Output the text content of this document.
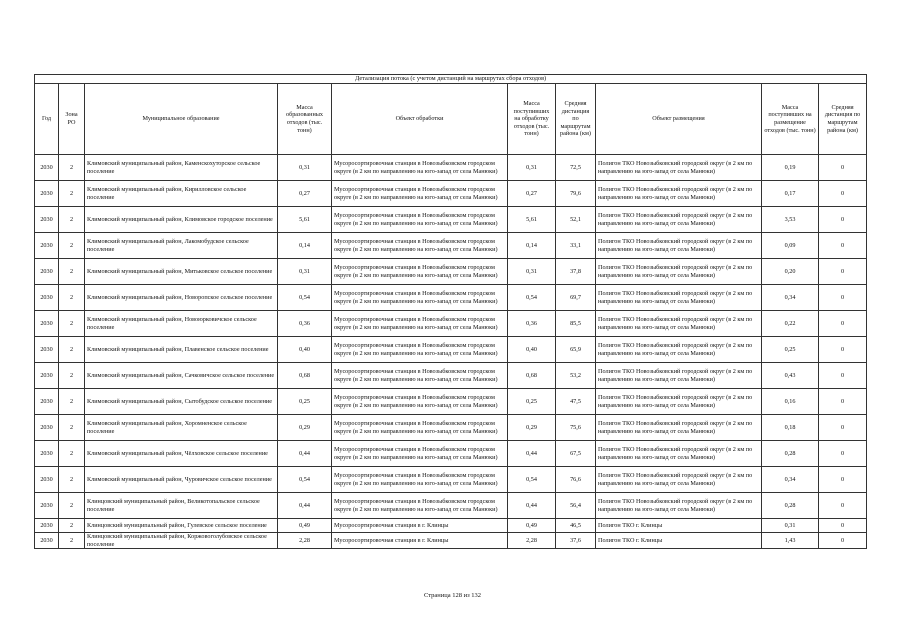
Детализация потока (с учетом дистанций на маршрутах сбора отходов)									
Год	Зона РО	Муниципальное образование	Масса образованных отходов (тыс. тонн)	Объект обработки	Масса поступивших на обработку отходов (тыс. тонн)	Средняя дистанция по маршрутам района (км)	Объект размещения	Масса поступивших на размещение отходов (тыс. тонн)	Средняя дистанция по маршрутам района (км)
2030	2	Климовский муниципальный район, Каменскохуторское сельское поселение	0,31	Мусоросортировочная станция в Новозыбковском городском округе (в 2 км по направлению на юго-запад от села Манюки)	0,31	72,5	Полигон ТКО Новозыбковский городской округ (в 2 км по направлению на юго-запад от села Манюки)	0,19	0
2030	2	Климовский муниципальный район, Кирилловское сельское поселение	0,27	Мусоросортировочная станция в Новозыбковском городском округе (в 2 км по направлению на юго-запад от села Манюки)	0,27	79,6	Полигон ТКО Новозыбковский городской округ (в 2 км по направлению на юго-запад от села Манюки)	0,17	0
2030	2	Климовский муниципальный район, Климовское городское поселение	5,61	Мусоросортировочная станция в Новозыбковском городском округе (в 2 км по направлению на юго-запад от села Манюки)	5,61	52,1	Полигон ТКО Новозыбковский городской округ (в 2 км по направлению на юго-запад от села Манюки)	3,53	0
2030	2	Климовский муниципальный район, Лакомобудское сельское поселение	0,14	Мусоросортировочная станция в Новозыбковском городском округе (в 2 км по направлению на юго-запад от села Манюки)	0,14	33,1	Полигон ТКО Новозыбковский городской округ (в 2 км по направлению на юго-запад от села Манюки)	0,09	0
2030	2	Климовский муниципальный район, Митьковское сельское поселение	0,31	Мусоросортировочная станция в Новозыбковском городском округе (в 2 км по направлению на юго-запад от села Манюки)	0,31	37,8	Полигон ТКО Новозыбковский городской округ (в 2 км по направлению на юго-запад от села Манюки)	0,20	0
2030	2	Климовский муниципальный район, Новоропское сельское поселение	0,54	Мусоросортировочная станция в Новозыбковском городском округе (в 2 км по направлению на юго-запад от села Манюки)	0,54	69,7	Полигон ТКО Новозыбковский городской округ (в 2 км по направлению на юго-запад от села Манюки)	0,34	0
2030	2	Климовский муниципальный район, Новоюрковичское сельское поселение	0,36	Мусоросортировочная станция в Новозыбковском городском округе (в 2 км по направлению на юго-запад от села Манюки)	0,36	85,5	Полигон ТКО Новозыбковский городской округ (в 2 км по направлению на юго-запад от села Манюки)	0,22	0
2030	2	Климовский муниципальный район, Плавенское сельское поселение	0,40	Мусоросортировочная станция в Новозыбковском городском округе (в 2 км по направлению на юго-запад от села Манюки)	0,40	65,9	Полигон ТКО Новозыбковский городской округ (в 2 км по направлению на юго-запад от села Манюки)	0,25	0
2030	2	Климовский муниципальный район, Сачковичское сельское поселение	0,68	Мусоросортировочная станция в Новозыбковском городском округе (в 2 км по направлению на юго-запад от села Манюки)	0,68	53,2	Полигон ТКО Новозыбковский городской округ (в 2 км по направлению на юго-запад от села Манюки)	0,43	0
2030	2	Климовский муниципальный район, Сытобудское сельское поселение	0,25	Мусоросортировочная станция в Новозыбковском городском округе (в 2 км по направлению на юго-запад от села Манюки)	0,25	47,5	Полигон ТКО Новозыбковский городской округ (в 2 км по направлению на юго-запад от села Манюки)	0,16	0
2030	2	Климовский муниципальный район, Хоромненское сельское поселение	0,29	Мусоросортировочная станция в Новозыбковском городском округе (в 2 км по направлению на юго-запад от села Манюки)	0,29	75,6	Полигон ТКО Новозыбковский городской округ (в 2 км по направлению на юго-запад от села Манюки)	0,18	0
2030	2	Климовский муниципальный район, Чёлховское сельское поселение	0,44	Мусоросортировочная станция в Новозыбковском городском округе (в 2 км по направлению на юго-запад от села Манюки)	0,44	67,5	Полигон ТКО Новозыбковский городской округ (в 2 км по направлению на юго-запад от села Манюки)	0,28	0
2030	2	Климовский муниципальный район, Чуровичское сельское поселение	0,54	Мусоросортировочная станция в Новозыбковском городском округе (в 2 км по направлению на юго-запад от села Манюки)	0,54	76,6	Полигон ТКО Новозыбковский городской округ (в 2 км по направлению на юго-запад от села Манюки)	0,34	0
2030	2	Клинцовский муниципальный район, Великотопальское сельское поселение	0,44	Мусоросортировочная станция в Новозыбковском городском округе (в 2 км по направлению на юго-запад от села Манюки)	0,44	56,4	Полигон ТКО Новозыбковский городской округ (в 2 км по направлению на юго-запад от села Манюки)	0,28	0
2030	2	Клинцовский муниципальный район, Гулевское сельское поселение	0,49	Мусоросортировочная станция в г. Клинцы	0,49	46,5	Полигон ТКО г. Клинцы	0,31	0
2030	2	Клинцовский муниципальный район, Коржовоголубовское сельское поселение	2,28	Мусоросортировочная станция в г. Клинцы	2,28	37,6	Полигон ТКО г. Клинцы	1,43	0
Страница 128 из 132
